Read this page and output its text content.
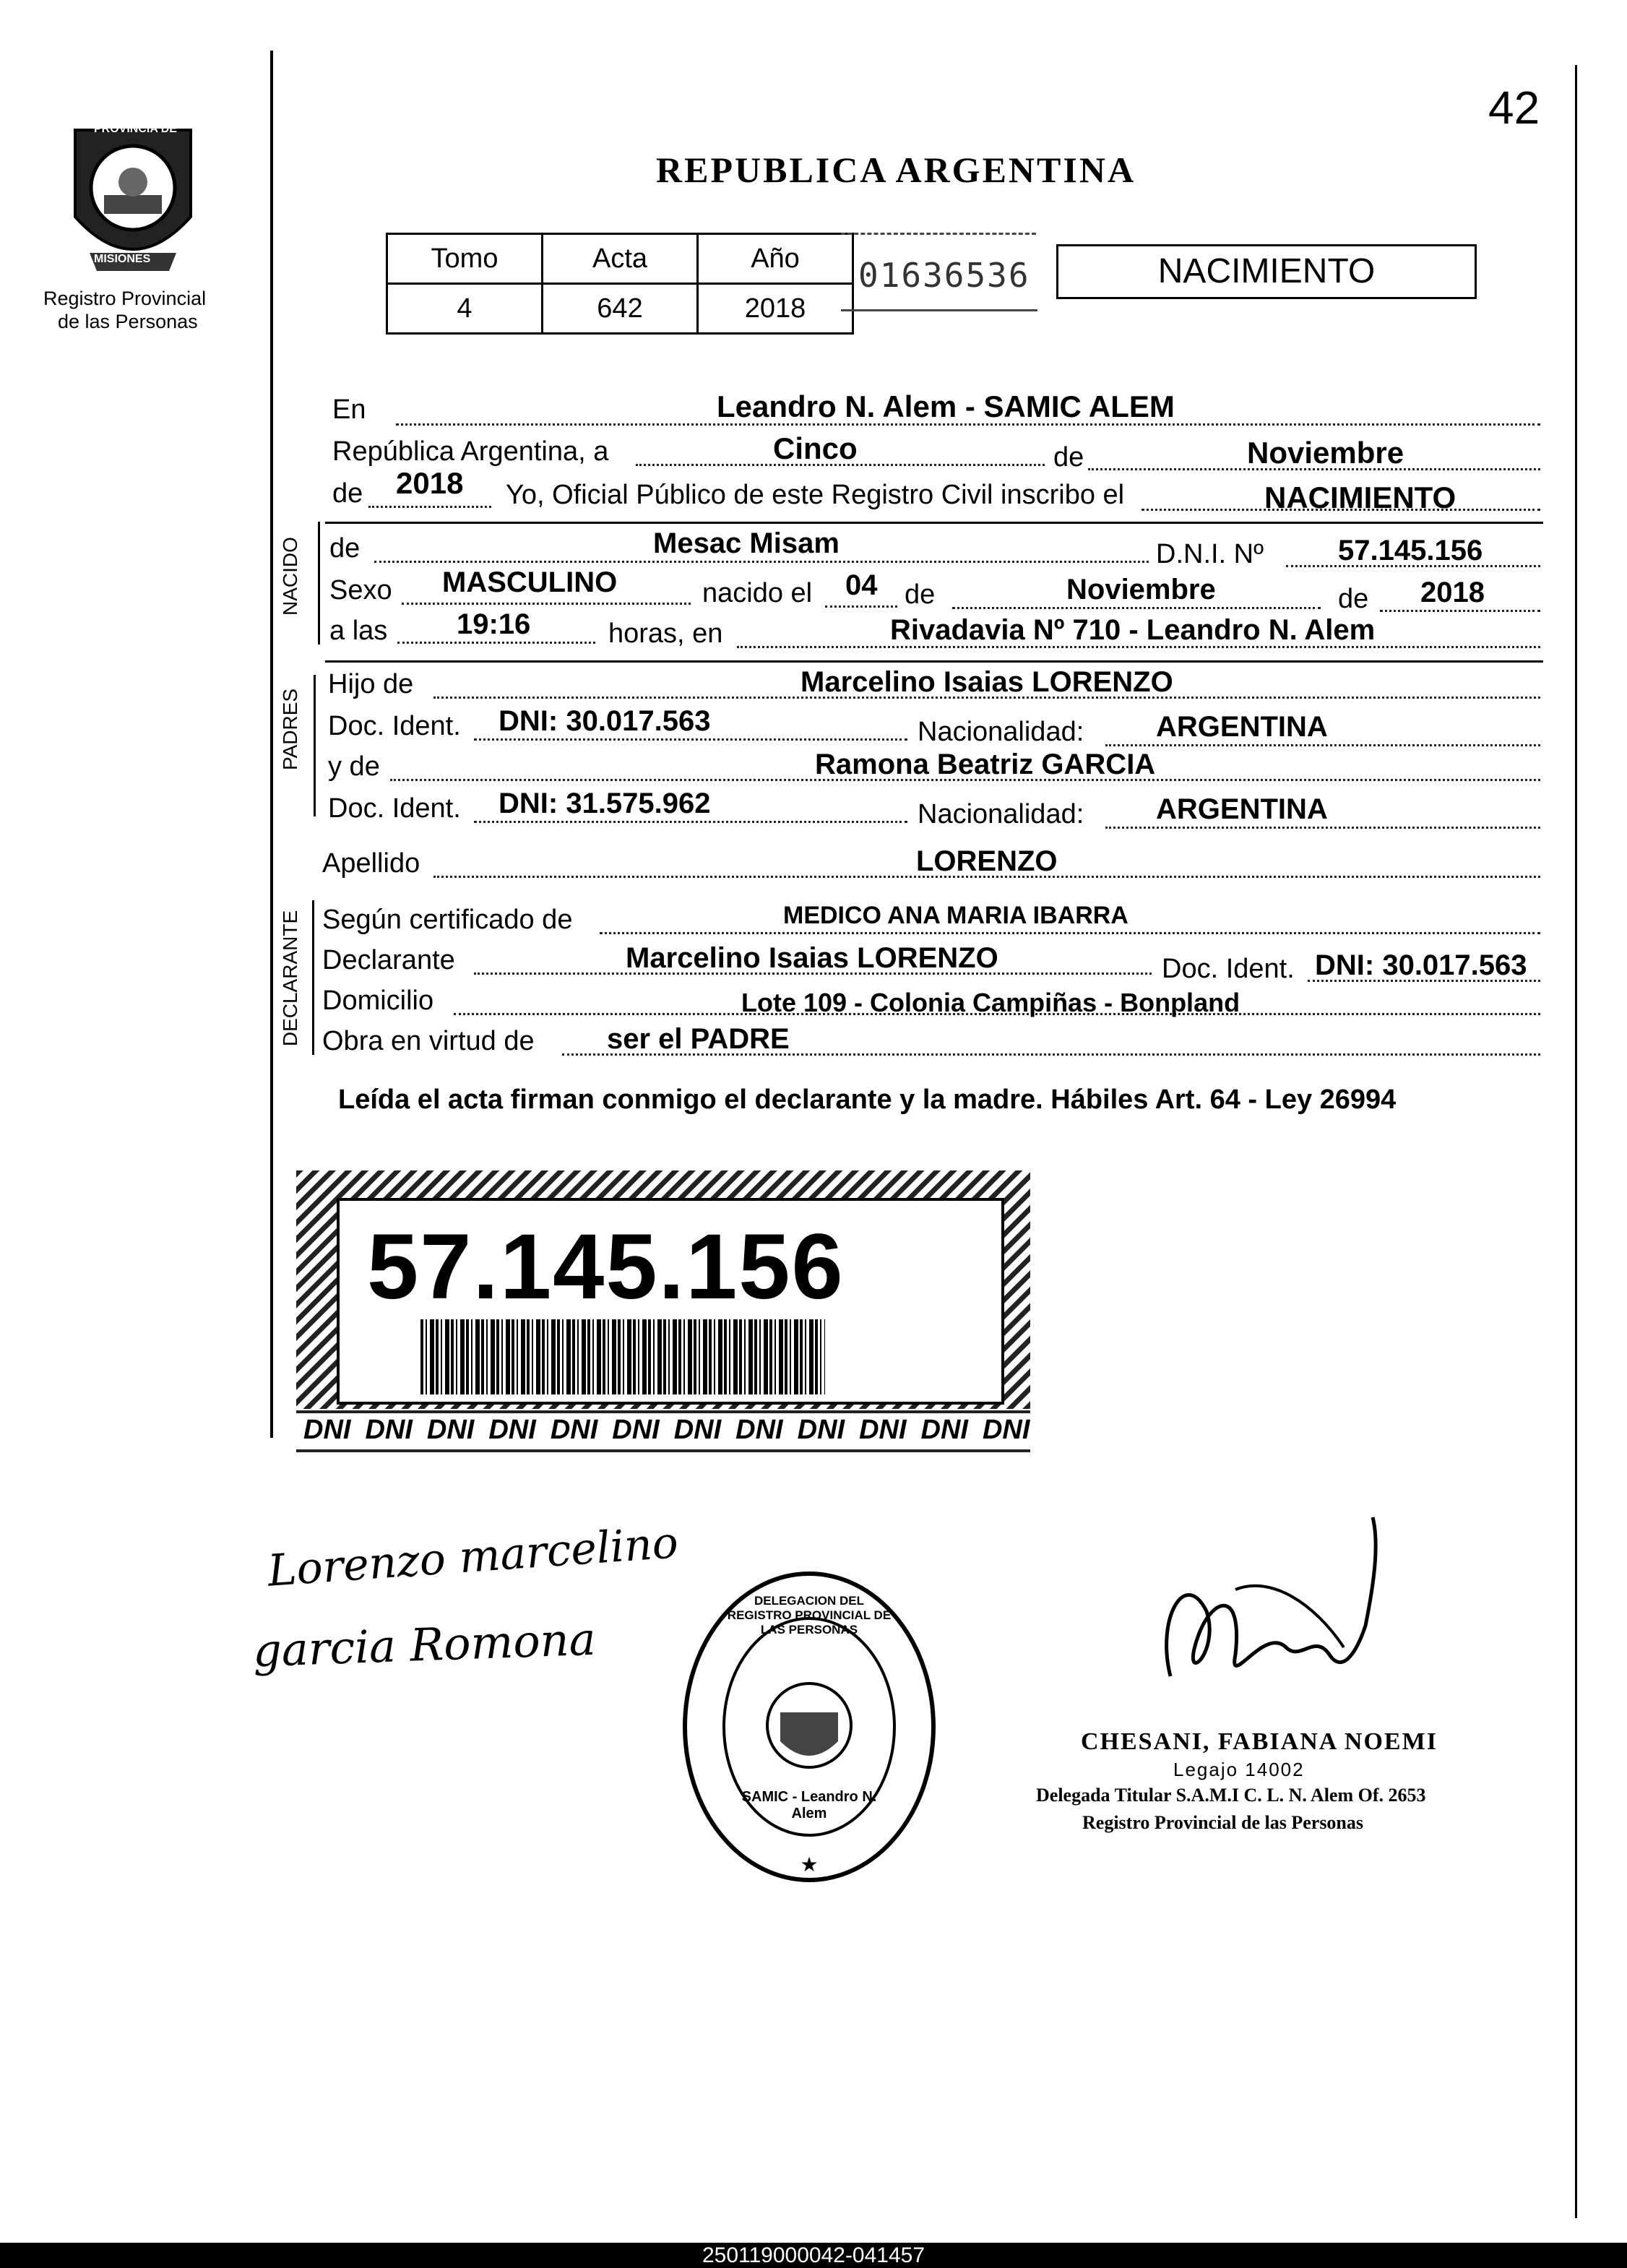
42
PROVINCIA DE
MISIONES
Registro Provincial
de las Personas
REPUBLICA ARGENTINA
Tomo	Acta	Año
4	642	2018
01636536	NACIMIENTO
En	Leandro N. Alem - SAMIC ALEM
República Argentina, a	Cinco	de	Noviembre
de 2018 Yo, Oficial Público de este Registro Civil inscribo el	NACIMIENTO
NACIDO de	Mesac Misam	D.N.I. Nº	57.145.156
Sexo MASCULINO	nacido el 04 de	Noviembre	de 2018
a las 19:16	horas, en	Rivadavia Nº 710 - Leandro N. Alem
PADRES
Hijo de	Marcelino Isaias LORENZO
Doc. Ident. DNI: 30.017.563	Nacionalidad: ARGENTINA
y de	Ramona Beatriz GARCIA
Doc. Ident. DNI: 31.575.962	Nacionalidad: ARGENTINA
Apellido	LORENZO
DECLARANTE Según certificado de	MEDICO ANA MARIA IBARRA
Declarante	Marcelino Isaias LORENZO	Doc. Ident. DNI: 30.017.563
Domicilio	Lote 109 - Colonia Campiñas - Bonpland
Obra en virtud de	ser el PADRE
Leída el acta firman conmigo el declarante y la madre. Hábiles Art. 64 - Ley 26994
57.145.156
DNI DNI DNI DNI DNI DNI DNI DNI DNI DNI DNI DNI
Lorenzo marcelino
garcia Romona
★
DELEGACION DEL REGISTRO PROVINCIAL DE LAS PERSONAS
SAMIC - Leandro N. Alem
CHESANI, FABIANA NOEMI
Legajo 14002
Delegada Titular S.A.M.I C. L. N. Alem Of. 2653
Registro Provincial de las Personas
250119000042-041457
